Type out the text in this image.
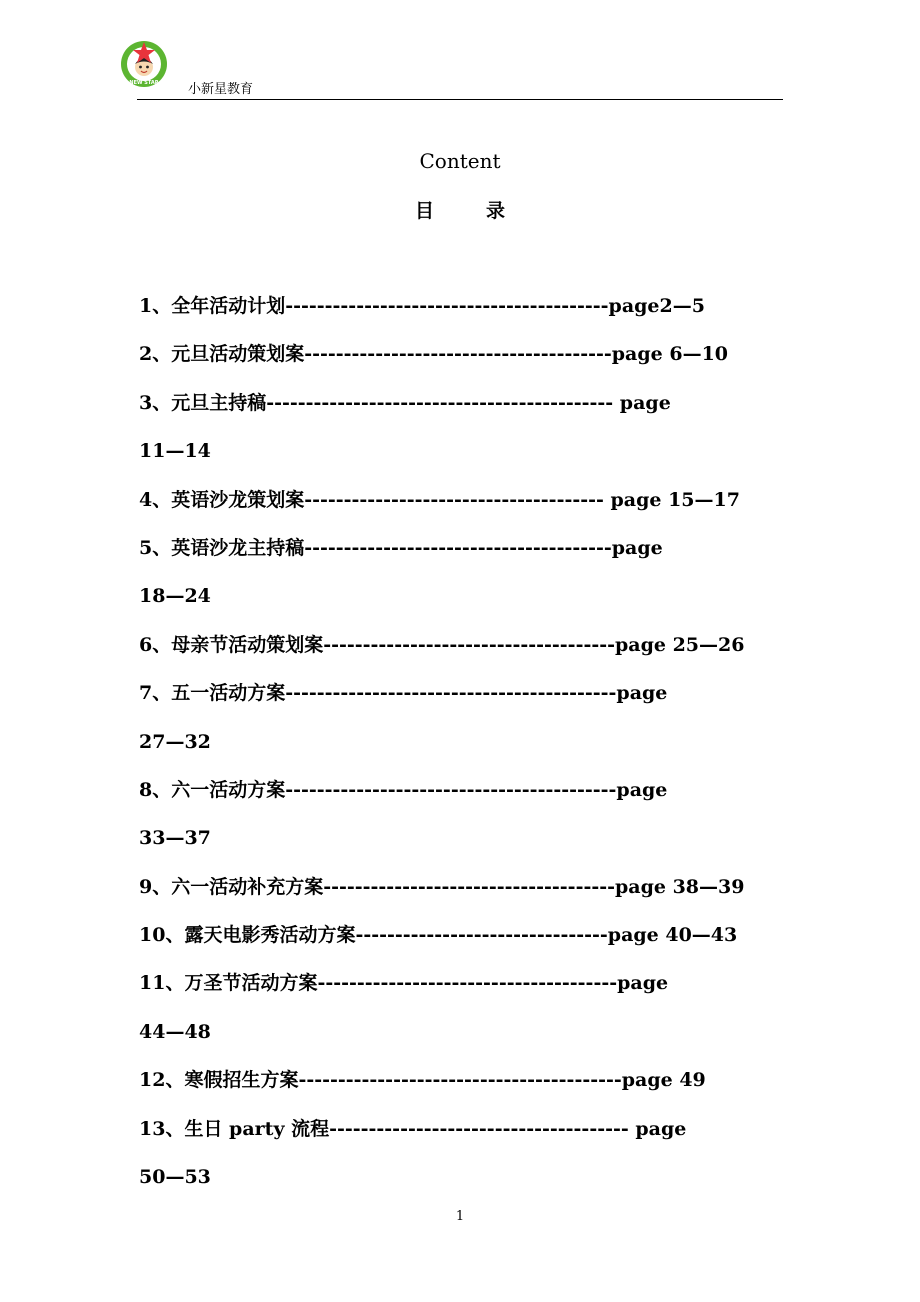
NEW STAR 小新星教育
Content
目	录
1、全年活动计划-----------------------------------------page2—5
2、元旦活动策划案---------------------------------------page 6—10
3、元旦主持稿-------------------------------------------- page
11—14
4、英语沙龙策划案-------------------------------------- page 15—17
5、英语沙龙主持稿---------------------------------------page
18—24
6、母亲节活动策划案-------------------------------------page 25—26
7、五一活动方案------------------------------------------page
27—32
8、六一活动方案------------------------------------------page
33—37
9、六一活动补充方案-------------------------------------page 38—39
10、露天电影秀活动方案--------------------------------page 40—43
11、万圣节活动方案--------------------------------------page
44—48
12、寒假招生方案-----------------------------------------page 49
13、生日 party 流程-------------------------------------- page
50—53
1
